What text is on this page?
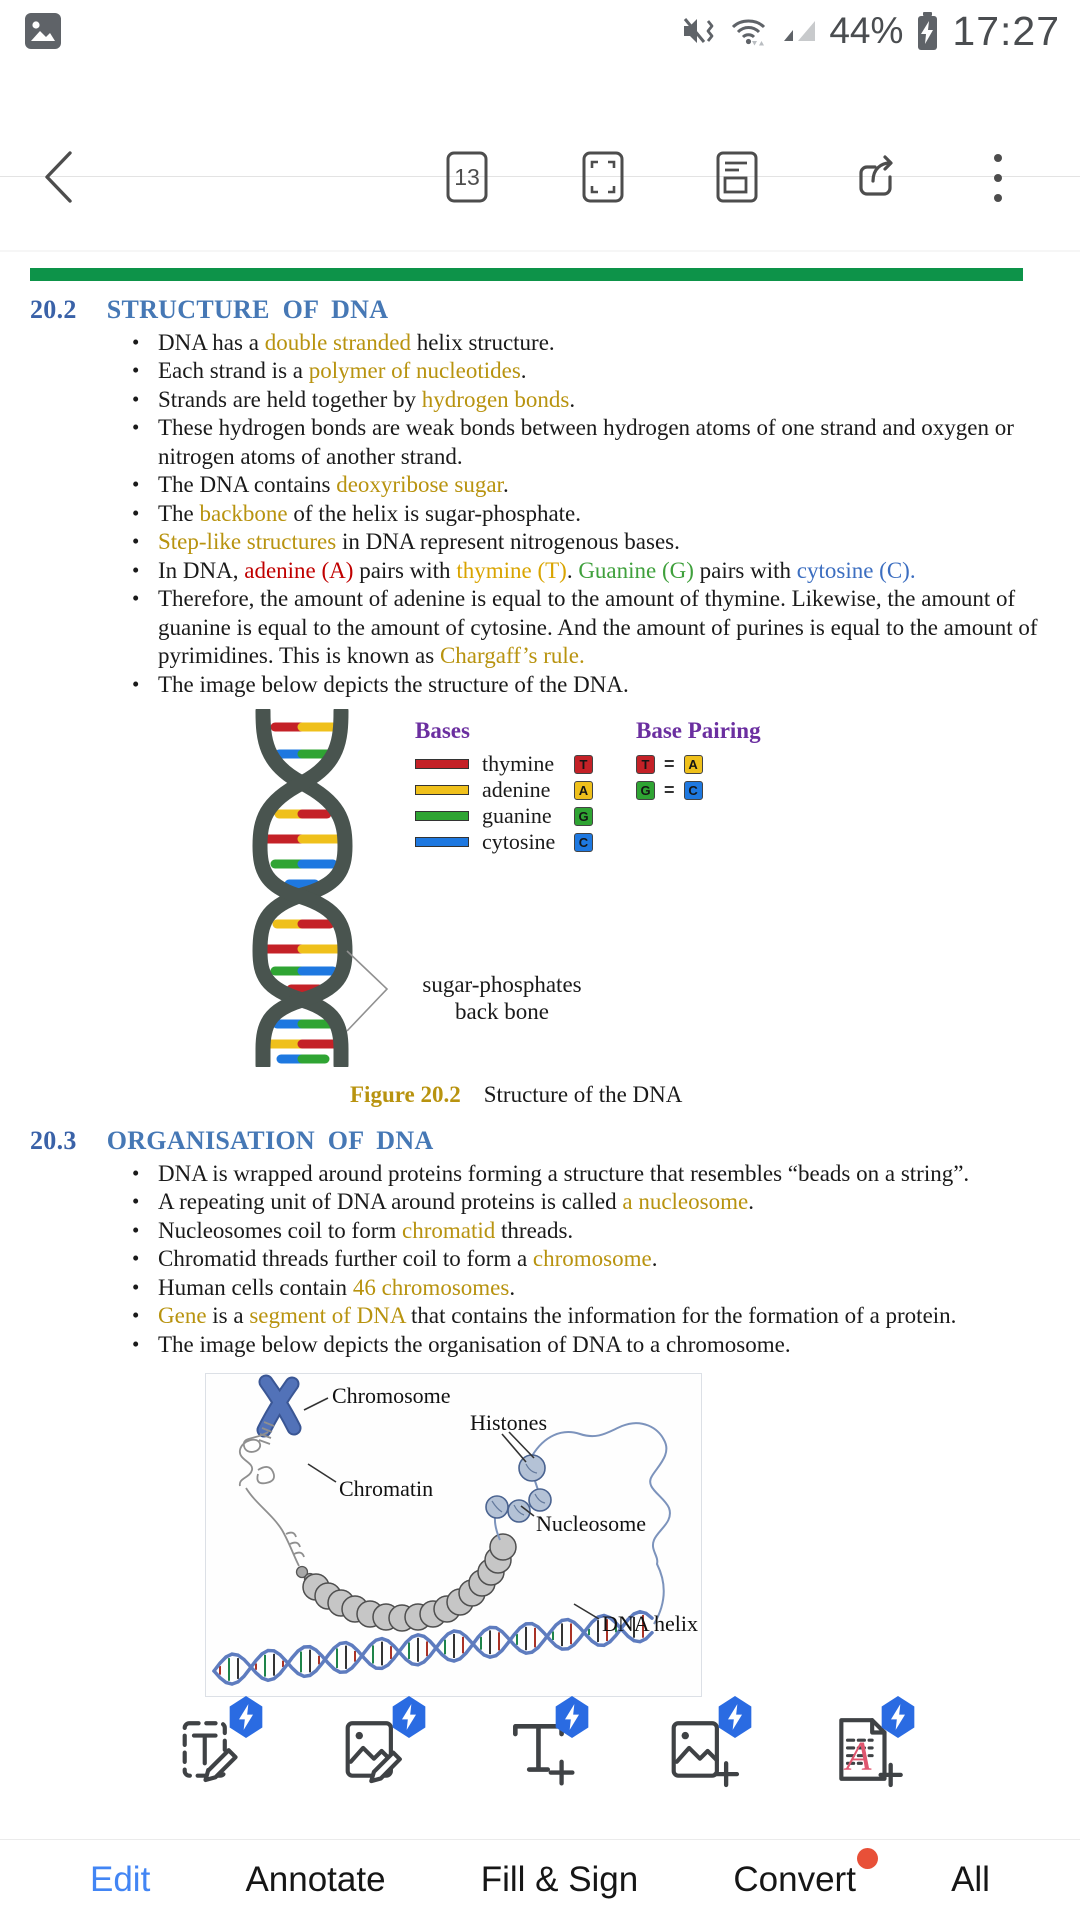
44% 17:27
13
20.2 STRUCTURE OF DNA
• DNA has a double stranded helix structure.
• Each strand is a polymer of nucleotides.
• Strands are held together by hydrogen bonds.
• These hydrogen bonds are weak bonds between hydrogen atoms of one strand and oxygen or nitrogen atoms of another strand.
• The DNA contains deoxyribose sugar.
• The backbone of the helix is sugar-phosphate.
• Step-like structures in DNA represent nitrogenous bases.
• In DNA, adenine (A) pairs with thymine (T). Guanine (G) pairs with cytosine (C).
• Therefore, the amount of adenine is equal to the amount of thymine. Likewise, the amount of guanine is equal to the amount of cytosine. And the amount of purines is equal to the amount of pyrimidines. This is known as Chargaff’s rule.
• The image below depicts the structure of the DNA.
Bases
thymine	T
adenine	A
guanine	G
cytosine	C
Base Pairing
T =	A
G =	C
sugar-phosphates
back bone
Figure 20.2 Structure of the DNA
20.3 ORGANISATION OF DNA
• DNA is wrapped around proteins forming a structure that resembles “beads on a string”.
• A repeating unit of DNA around proteins is called a nucleosome.
• Nucleosomes coil to form chromatid threads.
• Chromatid threads further coil to form a chromosome.
• Human cells contain 46 chromosomes.
• Gene is a segment of DNA that contains the information for the formation of a protein.
• The image below depicts the organisation of DNA to a chromosome.
Chromosome
Histones
Chromatin
Nucleosome
DNA helix
A
Edit	Annotate	Fill & Sign	Convert	All
